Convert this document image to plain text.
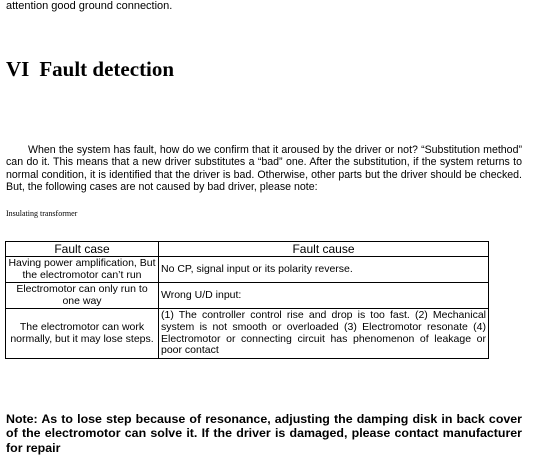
attention good ground connection.
VI Fault detection
When the system has fault, how do we confirm that it aroused by the driver or not? “Substitution method” can do it. This means that a new driver substitutes a “bad” one. After the substitution, if the system returns to normal condition, it is identified that the driver is bad. Otherwise, other parts but the driver should be checked. But, the following cases are not caused by bad driver, please note:
Insulating transformer
Fault case	Fault cause
Having power amplification, But the electromotor can’t run	No CP, signal input or its polarity reverse.
Electromotor can only run to one way	Wrong U/D input:
The electromotor can work normally, but it may lose steps.	(1) The controller control rise and drop is too fast. (2) Mechanical system is not smooth or overloaded (3) Electromotor resonate (4) Electromotor or connecting circuit has phenomenon of leakage or poor contact
Note: As to lose step because of resonance, adjusting the damping disk in back cover of the electromotor can solve it. If the driver is damaged, please contact manufacturer for repair
